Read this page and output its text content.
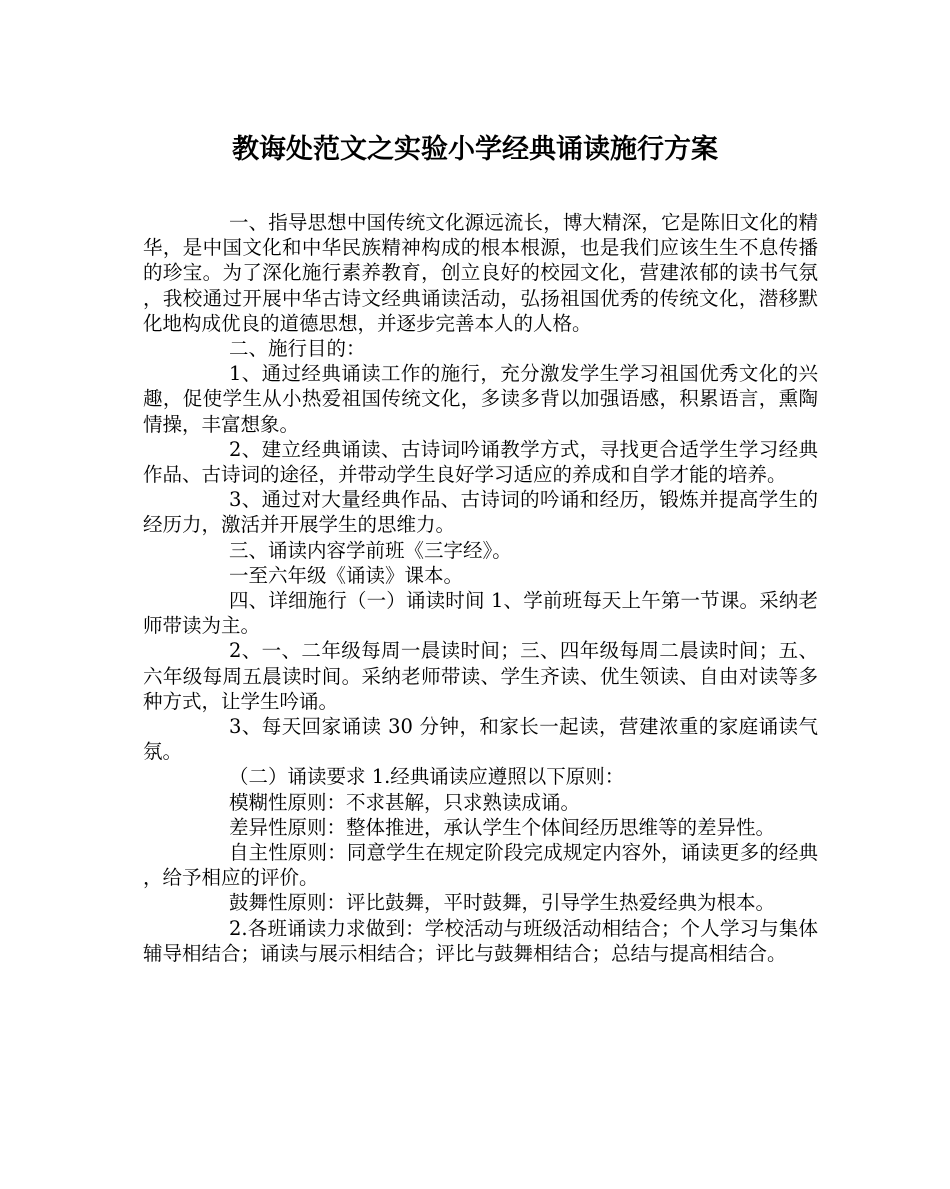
教诲处范文之实验小学经典诵读施行方案

一、指导思想中国传统文化源远流长，博大精深，它是陈旧文化的精华，是中国文化和中华民族精神构成的根本根源，也是我们应该生生不息传播的珍宝。为了深化施行素养教育，创立良好的校园文化，营建浓郁的读书气氛，我校通过开展中华古诗文经典诵读活动，弘扬祖国优秀的传统文化，潜移默化地构成优良的道德思想，并逐步完善本人的人格。

二、施行目的：

1、通过经典诵读工作的施行，充分激发学生学习祖国优秀文化的兴趣，促使学生从小热爱祖国传统文化，多读多背以加强语感，积累语言，熏陶情操，丰富想象。

2、建立经典诵读、古诗词吟诵教学方式，寻找更合适学生学习经典作品、古诗词的途径，并带动学生良好学习适应的养成和自学才能的培养。

3、通过对大量经典作品、古诗词的吟诵和经历，锻炼并提高学生的经历力，激活并开展学生的思维力。

三、诵读内容学前班《三字经》。

一至六年级《诵读》课本。

四、详细施行（一）诵读时间 1、学前班每天上午第一节课。采纳老师带读为主。

2、一、二年级每周一晨读时间；三、四年级每周二晨读时间；五、六年级每周五晨读时间。采纳老师带读、学生齐读、优生领读、自由对读等多种方式，让学生吟诵。

3、每天回家诵读 30 分钟，和家长一起读，营建浓重的家庭诵读气氛。

（二）诵读要求 1.经典诵读应遵照以下原则：

模糊性原则：不求甚解，只求熟读成诵。

差异性原则：整体推进，承认学生个体间经历思维等的差异性。

自主性原则：同意学生在规定阶段完成规定内容外，诵读更多的经典，给予相应的评价。

鼓舞性原则：评比鼓舞，平时鼓舞，引导学生热爱经典为根本。

2.各班诵读力求做到：学校活动与班级活动相结合；个人学习与集体辅导相结合；诵读与展示相结合；评比与鼓舞相结合；总结与提高相结合。
